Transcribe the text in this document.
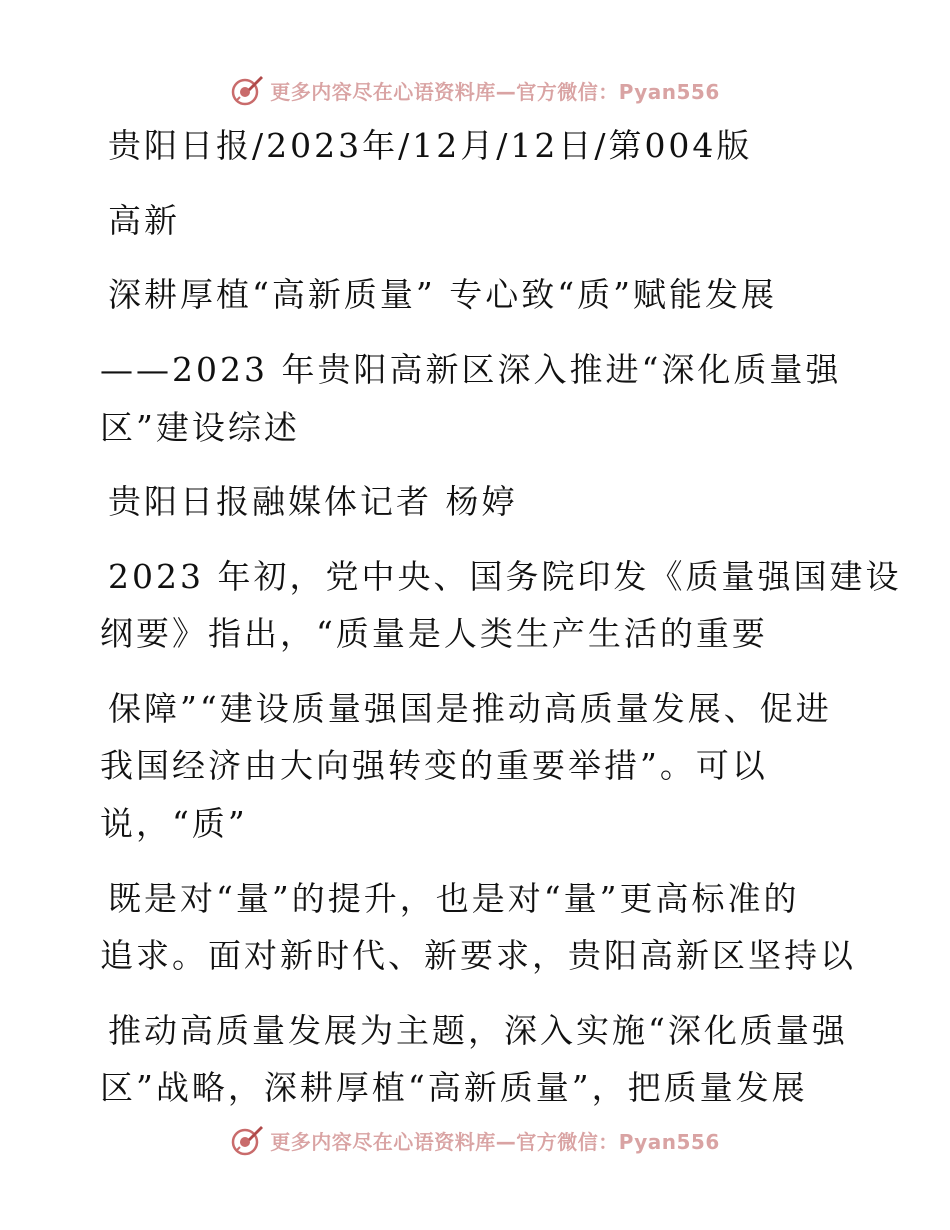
更多内容尽在心语资料库—官方微信：Pyan556
贵阳日报/2023年/12月/12日/第004版
高新
深耕厚植“高新质量” 专心致“质”赋能发展
——2023 年贵阳高新区深入推进“深化质量强
区”建设综述
贵阳日报融媒体记者 杨婷
2023 年初，党中央、国务院印发《质量强国建设
纲要》指出，“质量是人类生产生活的重要
保障”“建设质量强国是推动高质量发展、促进
我国经济由大向强转变的重要举措”。可以
说，“质”
既是对“量”的提升，也是对“量”更高标准的
追求。面对新时代、新要求，贵阳高新区坚持以
推动高质量发展为主题，深入实施“深化质量强
区”战略，深耕厚植“高新质量”，把质量发展
更多内容尽在心语资料库—官方微信：Pyan556
